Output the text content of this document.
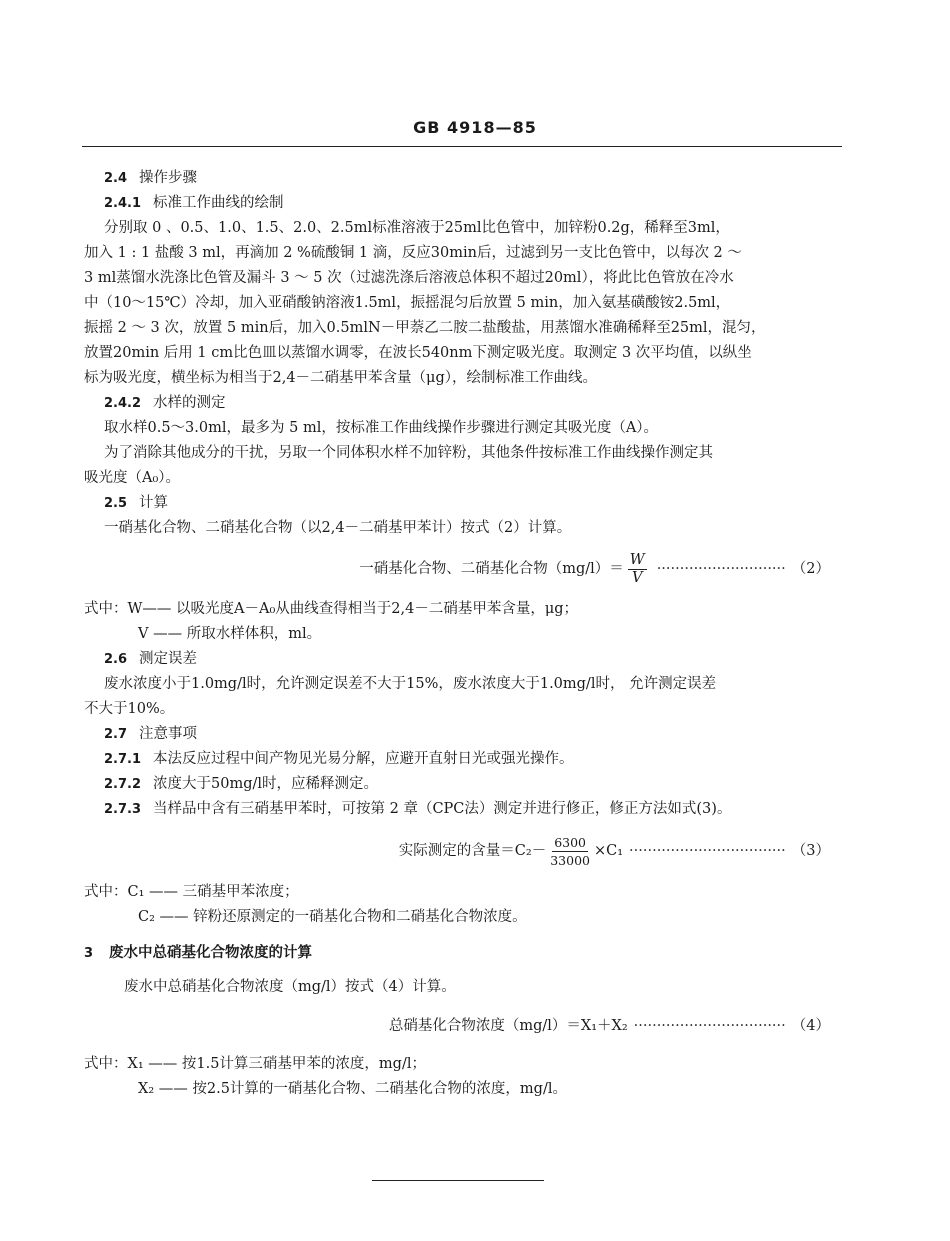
GB 4918—85
2.4 操作步骤
2.4.1 标准工作曲线的绘制
分别取 0 、0.5、1.0、1.5、2.0、2.5ml标准溶液于25ml比色管中，加锌粉0.2g，稀释至3ml，
加入 1 : 1 盐酸 3 ml，再滴加 2 %硫酸铜 1 滴，反应30min后，过滤到另一支比色管中，以每次 2 ～
3 ml蒸馏水洗涤比色管及漏斗 3 ～ 5 次（过滤洗涤后溶液总体积不超过20ml），将此比色管放在冷水
中（10～15℃）冷却，加入亚硝酸钠溶液1.5ml，振摇混匀后放置 5 min，加入氨基磺酸铵2.5ml，
振摇 2 ～ 3 次，放置 5 min后，加入0.5mlN－甲萘乙二胺二盐酸盐，用蒸馏水准确稀释至25ml，混匀，
放置20min 后用 1 cm比色皿以蒸馏水调零，在波长540nm下测定吸光度。取测定 3 次平均值，以纵坐
标为吸光度，横坐标为相当于2,4－二硝基甲苯含量（μg），绘制标准工作曲线。
2.4.2 水样的测定
取水样0.5～3.0ml，最多为 5 ml，按标准工作曲线操作步骤进行测定其吸光度（A）。
为了消除其他成分的干扰，另取一个同体积水样不加锌粉，其他条件按标准工作曲线操作测定其
吸光度（A₀）。
2.5 计算
一硝基化合物、二硝基化合物（以2,4－二硝基甲苯计）按式（2）计算。
一硝基化合物、二硝基化合物$(mg/l)= \frac{W}{V}$ ···························· （2）
式中：W—— 以吸光度A－A₀从曲线查得相当于2,4－二硝基甲苯含量，μg；
V —— 所取水样体积，ml。
2.6 测定误差
废水浓度小于1.0mg/l时，允许测定误差不大于15%，废水浓度大于1.0mg/l时， 允许测定误差
不大于10%。
2.7 注意事项
2.7.1 本法反应过程中间产物见光易分解，应避开直射日光或强光操作。
2.7.2 浓度大于50mg/l时，应稀释测定。
2.7.3 当样品中含有三硝基甲苯时，可按第 2 章（CPC法）测定并进行修正，修正方法如式(3)。
实际测定的含量$=C_2- \frac{6300}{33000} \times C_1$ ·································· （3）
式中：C₁ —— 三硝基甲苯浓度；
C₂ —— 锌粉还原测定的一硝基化合物和二硝基化合物浓度。
3 废水中总硝基化合物浓度的计算
废水中总硝基化合物浓度（mg/l）按式（4）计算。
总硝基化合物浓度（mg/l）＝X₁＋X₂ ································· （4）
式中：X₁ —— 按1.5计算三硝基甲苯的浓度，mg/l；
X₂ —— 按2.5计算的一硝基化合物、二硝基化合物的浓度，mg/l。
